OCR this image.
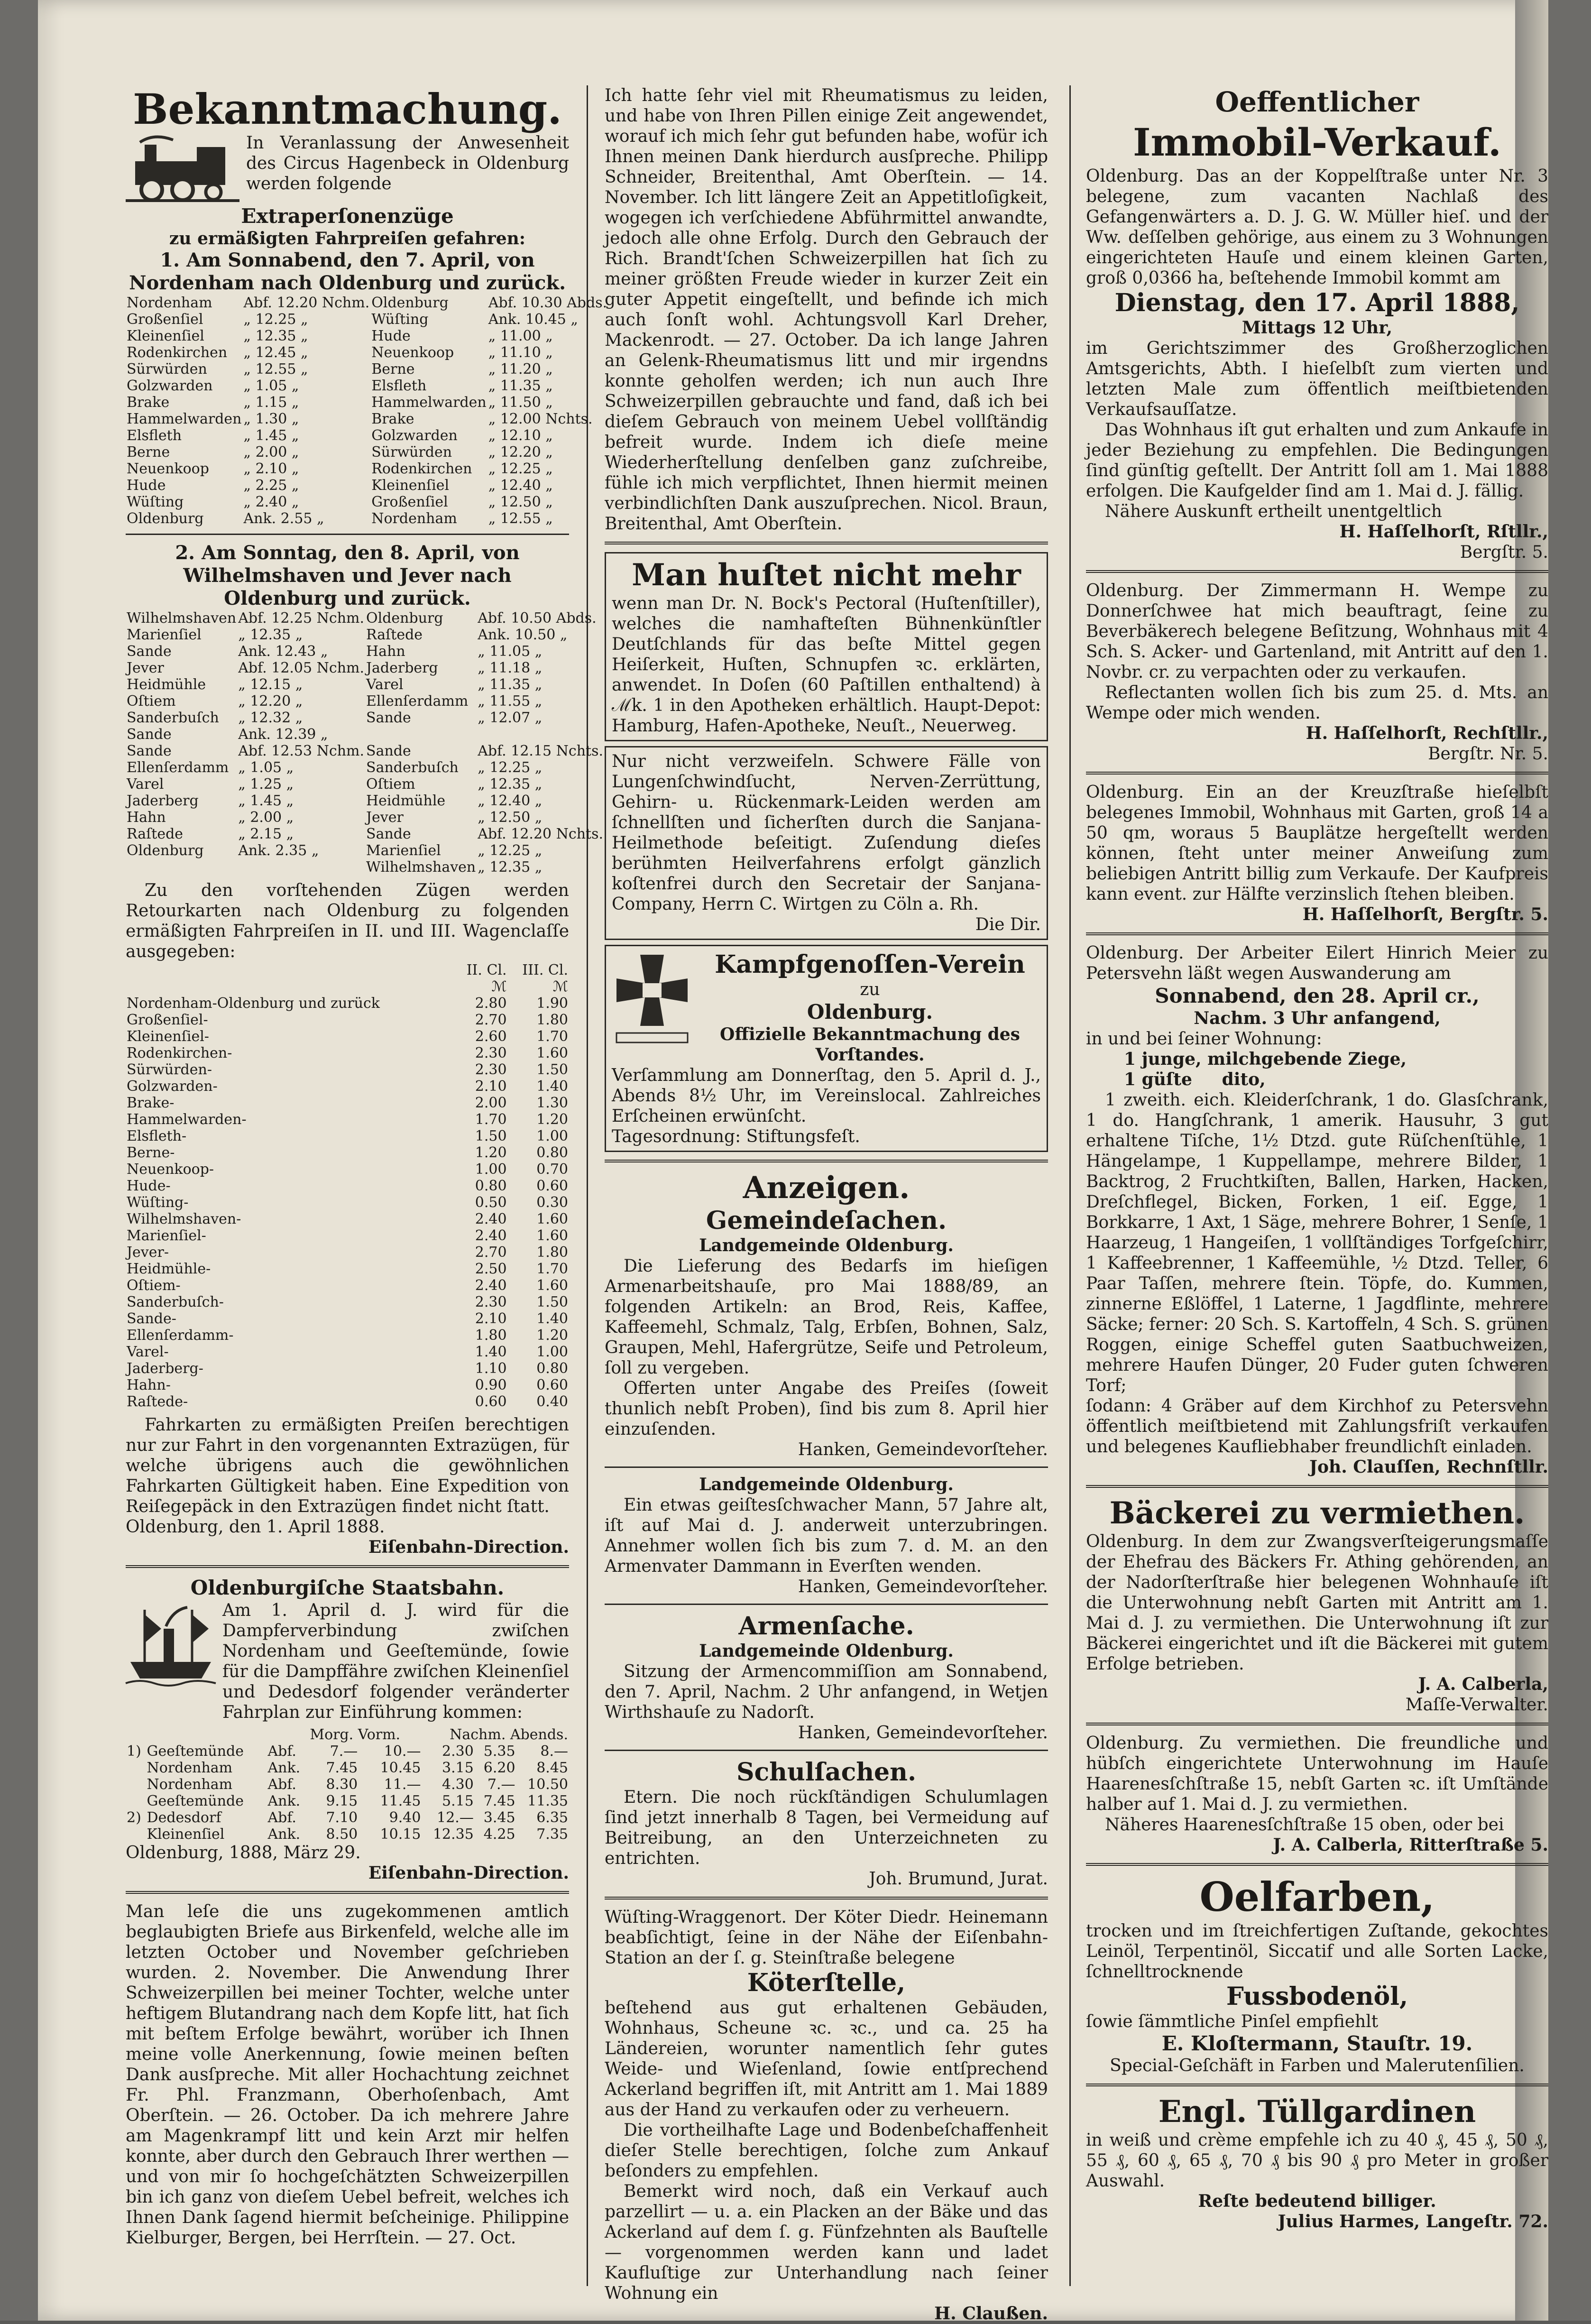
Bekanntmachung.

In Veranlassung der Anwesenheit des Circus Hagenbeck in Oldenburg werden folgende

Extraperſonenzüge

zu ermäßigten Fahrpreiſen gefahren:

1. Am Sonnabend, den 7. April, von Nordenham nach Oldenburg und zurück.

Nordenham	Abf. 12.20 Nchm.	Oldenburg	Abf. 10.30 Abds.
Großenſiel	„ 12.25 „	Wüſting	Ank. 10.45 „
Kleinenſiel	„ 12.35 „	Hude	„ 11.00 „
Rodenkirchen	„ 12.45 „	Neuenkoop	„ 11.10 „
Sürwürden	„ 12.55 „	Berne	„ 11.20 „
Golzwarden	„ 1.05 „	Elsfleth	„ 11.35 „
Brake	„ 1.15 „	Hammelwarden	„ 11.50 „
Hammelwarden	„ 1.30 „	Brake	„ 12.00 Nchts.
Elsfleth	„ 1.45 „	Golzwarden	„ 12.10 „
Berne	„ 2.00 „	Sürwürden	„ 12.20 „
Neuenkoop	„ 2.10 „	Rodenkirchen	„ 12.25 „
Hude	„ 2.25 „	Kleinenſiel	„ 12.40 „
Wüſting	„ 2.40 „	Großenſiel	„ 12.50 „
Oldenburg	Ank. 2.55 „	Nordenham	„ 12.55 „

2. Am Sonntag, den 8. April, von Wilhelmshaven und Jever nach Oldenburg und zurück.

Wilhelmshaven	Abf. 12.25 Nchm.	Oldenburg	Abf. 10.50 Abds.
Marienſiel	„ 12.35 „	Raſtede	Ank. 10.50 „
Sande	Ank. 12.43 „	Hahn	„ 11.05 „

Jever	Abf. 12.05 Nchm.	Jaderberg	„ 11.18 „
Heidmühle	„ 12.15 „	Varel	„ 11.35 „
Oſtiem	„ 12.20 „	Ellenſerdamm	„ 11.55 „
Sanderbuſch	„ 12.32 „	Sande	„ 12.07 „
Sande	Ank. 12.39 „		
Sande	Abf. 12.53 Nchm.	Sande	Abf. 12.15 Nchts.
Ellenſerdamm	„ 1.05 „	Sanderbuſch	„ 12.25 „
Varel	„ 1.25 „	Oſtiem	„ 12.35 „
Jaderberg	„ 1.45 „	Heidmühle	„ 12.40 „
Hahn	„ 2.00 „	Jever	„ 12.50 „
Raſtede	„ 2.15 „	Sande	Abf. 12.20 Nchts.
Oldenburg	Ank. 2.35 „	Marienſiel	„ 12.25 „
		Wilhelmshaven	„ 12.35 „

Zu den vorſtehenden Zügen werden Retourkarten nach Oldenburg zu folgenden ermäßigten Fahrpreiſen in II. und III. Wagenclaſſe ausgegeben:

	II. Cl.	III. Cl.
	ℳ	ℳ
Nordenham-Oldenburg und zurück	2.80	1.90
Großenſiel-	2.70	1.80
Kleinenſiel-	2.60	1.70
Rodenkirchen-	2.30	1.60
Sürwürden-	2.30	1.50
Golzwarden-	2.10	1.40
Brake-	2.00	1.30
Hammelwarden-	1.70	1.20
Elsfleth-	1.50	1.00
Berne-	1.20	0.80
Neuenkoop-	1.00	0.70
Hude-	0.80	0.60
Wüſting-	0.50	0.30

Wilhelmshaven-	2.40	1.60
Marienſiel-	2.40	1.60
Jever-	2.70	1.80
Heidmühle-	2.50	1.70
Oſtiem-	2.40	1.60
Sanderbuſch-	2.30	1.50
Sande-	2.10	1.40
Ellenſerdamm-	1.80	1.20
Varel-	1.40	1.00
Jaderberg-	1.10	0.80
Hahn-	0.90	0.60
Raſtede-	0.60	0.40

Fahrkarten zu ermäßigten Preiſen berechtigen nur zur Fahrt in den vorgenannten Extrazügen, für welche übrigens auch die gewöhnlichen Fahrkarten Gültigkeit haben. Eine Expedition von Reiſegepäck in den Extrazügen findet nicht ſtatt.

Oldenburg, den 1. April 1888.

Eiſenbahn-Direction.

Oldenburgiſche Staatsbahn.

Am 1. April d. J. wird für die Dampferverbindung zwiſchen Nordenham und Geeſtemünde, ſowie für die Dampffähre zwiſchen Kleinenſiel und Dedesdorf folgender veränderter Fahrplan zur Einführung kommen:

			Morg. Vorm.		Nachm. Abends.		
1)	Geeſtemünde	Abf.	7.—	10.—	2.30	5.35	8.—
	Nordenham	Ank.	7.45	10.45	3.15	6.20	8.45
	Nordenham	Abf.	8.30	11.—	4.30	7.—	10.50
	Geeſtemünde	Ank.	9.15	11.45	5.15	7.45	11.35
2)	Dedesdorf	Abf.	7.10	9.40	12.—	3.45	6.35
	Kleinenſiel	Ank.	8.50	10.15	12.35	4.25	7.35

Oldenburg, 1888, März 29.

Eiſenbahn-Direction.

Man leſe die uns zugekommenen amtlich beglaubigten Briefe aus Birkenfeld, welche alle im letzten October und November geſchrieben wurden. 2. November. Die Anwendung Ihrer Schweizerpillen bei meiner Tochter, welche unter heftigem Blutandrang nach dem Kopfe litt, hat ſich mit beſtem Erfolge bewährt, worüber ich Ihnen meine volle Anerkennung, ſowie meinen beſten Dank ausſpreche. Mit aller Hochachtung zeichnet Fr. Phl. Franzmann, Oberhoſenbach, Amt Oberſtein. — 26. October. Da ich mehrere Jahre am Magenkrampf litt und kein Arzt mir helfen konnte, aber durch den Gebrauch Ihrer werthen — und von mir ſo hochgeſchätzten Schweizerpillen bin ich ganz von dieſem Uebel befreit, welches ich Ihnen Dank ſagend hiermit beſcheinige. Philippine Kielburger, Bergen, bei Herrſtein. — 27. Oct.

Ich hatte ſehr viel mit Rheumatismus zu leiden, und habe von Ihren Pillen einige Zeit angewendet, worauf ich mich ſehr gut befunden habe, wofür ich Ihnen meinen Dank hierdurch ausſpreche. Philipp Schneider, Breitenthal, Amt Oberſtein. — 14. November. Ich litt längere Zeit an Appetitloſigkeit, wogegen ich verſchiedene Abführmittel anwandte, jedoch alle ohne Erfolg. Durch den Gebrauch der Rich. Brandt'ſchen Schweizerpillen hat ſich zu meiner größten Freude wieder in kurzer Zeit ein guter Appetit eingeſtellt, und befinde ich mich auch ſonſt wohl. Achtungsvoll Karl Dreher, Mackenrodt. — 27. October. Da ich lange Jahren an Gelenk-Rheumatismus litt und mir irgendns konnte geholfen werden; ich nun auch Ihre Schweizerpillen gebrauchte und fand, daß ich bei dieſem Gebrauch von meinem Uebel vollſtändig befreit wurde. Indem ich dieſe meine Wiederherſtellung denſelben ganz zuſchreibe, fühle ich mich verpflichtet, Ihnen hiermit meinen verbindlichſten Dank auszuſprechen. Nicol. Braun, Breitenthal, Amt Oberſtein.

Man huſtet nicht mehr

wenn man Dr. N. Bock's Pectoral (Huſtenſtiller), welches die namhafteſten Bühnenkünſtler Deutſchlands für das beſte Mittel gegen Heiſerkeit, Huſten, Schnupfen ꝛc. erklärten, anwendet. In Doſen (60 Paſtillen enthaltend) à ℳk. 1 in den Apotheken erhältlich. Haupt-Depot: Hamburg, Hafen-Apotheke, Neuſt., Neuerweg.

Nur nicht verzweifeln. Schwere Fälle von Lungenſchwindſucht, Nerven-Zerrüttung, Gehirn- u. Rückenmark-Leiden werden am ſchnellſten und ſicherſten durch die Sanjana-Heilmethode beſeitigt. Zuſendung dieſes berühmten Heilverfahrens erfolgt gänzlich koſtenfrei durch den Secretair der Sanjana-Company, Herrn C. Wirtgen zu Cöln a. Rh.

Die Dir.

Kampfgenoſſen-Verein

zu

Oldenburg.

Offizielle Bekanntmachung des Vorſtandes.

Verſammlung am Donnerſtag, den 5. April d. J., Abends 8½ Uhr, im Vereinslocal. Zahlreiches Erſcheinen erwünſcht.

Tagesordnung: Stiftungsfeſt.

Anzeigen.
Gemeindeſachen.

Landgemeinde Oldenburg.

Die Lieferung des Bedarfs im hieſigen Armenarbeitshauſe, pro Mai 1888/89, an folgenden Artikeln: an Brod, Reis, Kaffee, Kaffeemehl, Schmalz, Talg, Erbſen, Bohnen, Salz, Graupen, Mehl, Hafergrütze, Seife und Petroleum, ſoll zu vergeben.

Offerten unter Angabe des Preiſes (ſoweit thunlich nebſt Proben), ſind bis zum 8. April hier einzuſenden.

Hanken, Gemeindevorſteher.

Landgemeinde Oldenburg.

Ein etwas geiſtesſchwacher Mann, 57 Jahre alt, iſt auf Mai d. J. anderweit unterzubringen. Annehmer wollen ſich bis zum 7. d. M. an den Armenvater Dammann in Everſten wenden.

Hanken, Gemeindevorſteher.

Armenſache.

Landgemeinde Oldenburg.

Sitzung der Armencommiſſion am Sonnabend, den 7. April, Nachm. 2 Uhr anfangend, in Wetjen Wirthshauſe zu Nadorſt.

Hanken, Gemeindevorſteher.

Schulſachen.

Etern. Die noch rückſtändigen Schulumlagen ſind jetzt innerhalb 8 Tagen, bei Vermeidung auf Beitreibung, an den Unterzeichneten zu entrichten.

Joh. Brumund, Jurat.

Wüſting-Wraggenort. Der Köter Diedr. Heinemann beabſichtigt, ſeine in der Nähe der Eiſenbahn-Station an der ſ. g. Steinſtraße belegene

Köterſtelle,

beſtehend aus gut erhaltenen Gebäuden, Wohnhaus, Scheune ꝛc. ꝛc., und ca. 25 ha Ländereien, worunter namentlich ſehr gutes Weide- und Wieſenland, ſowie entſprechend Ackerland begriffen iſt, mit Antritt am 1. Mai 1889 aus der Hand zu verkaufen oder zu verheuern.

Die vortheilhafte Lage und Bodenbeſchaffenheit dieſer Stelle berechtigen, ſolche zum Ankauf beſonders zu empfehlen.

Bemerkt wird noch, daß ein Verkauf auch parzellirt — u. a. ein Placken an der Bäke und das Ackerland auf dem ſ. g. Fünfzehnten als Bauſtelle — vorgenommen werden kann und ladet Kaufluſtige zur Unterhandlung nach ſeiner Wohnung ein

H. Claußen.

Oeffentlicher
Immobil-Verkauf.

Oldenburg. Das an der Koppelſtraße unter Nr. 3 belegene, zum vacanten Nachlaß des Gefangenwärters a. D. J. G. W. Müller hieſ. und der Ww. deſſelben gehörige, aus einem zu 3 Wohnungen eingerichteten Hauſe und einem kleinen Garten, groß 0,0366 ha, beſtehende Immobil kommt am

Dienstag, den 17. April 1888,

Mittags 12 Uhr,

im Gerichtszimmer des Großherzoglichen Amtsgerichts, Abth. I hieſelbſt zum vierten und letzten Male zum öffentlich meiſtbietenden Verkaufsauſſatze.

Das Wohnhaus iſt gut erhalten und zum Ankaufe in jeder Beziehung zu empfehlen. Die Bedingungen ſind günſtig geſtellt. Der Antritt ſoll am 1. Mai 1888 erfolgen. Die Kaufgelder ſind am 1. Mai d. J. fällig.

Nähere Auskunft ertheilt unentgeltlich

H. Haſſelhorſt, Rſtllr.,

Bergſtr. 5.

Oldenburg. Der Zimmermann H. Wempe zu Donnerſchwee hat mich beauftragt, ſeine zu Beverbäkerech belegene Beſitzung, Wohnhaus mit 4 Sch. S. Acker- und Gartenland, mit Antritt auf den 1. Novbr. cr. zu verpachten oder zu verkaufen.

Reflectanten wollen ſich bis zum 25. d. Mts. an Wempe oder mich wenden.

H. Haſſelhorſt, Rechſtllr.,

Bergſtr. Nr. 5.

Oldenburg. Ein an der Kreuzſtraße hieſelbſt belegenes Immobil, Wohnhaus mit Garten, groß 14 a 50 qm, woraus 5 Bauplätze hergeſtellt werden können, ſteht unter meiner Anweiſung zum beliebigen Antritt billig zum Verkaufe. Der Kaufpreis kann event. zur Hälfte verzinslich ſtehen bleiben.

H. Haſſelhorſt, Bergſtr. 5.

Oldenburg. Der Arbeiter Eilert Hinrich Meier zu Petersvehn läßt wegen Auswanderung am

Sonnabend, den 28. April cr.,

Nachm. 3 Uhr anfangend,

in und bei ſeiner Wohnung:

1 junge, milchgebende Ziege,

1 güſte     dito,

1 zweith. eich. Kleiderſchrank, 1 do. Glasſchrank, 1 do. Hangſchrank, 1 amerik. Hausuhr, 3 gut erhaltene Tiſche, 1½ Dtzd. gute Rüſchenſtühle, 1 Hängelampe, 1 Kuppellampe, mehrere Bilder, 1 Backtrog, 2 Fruchtkiſten, Ballen, Harken, Hacken, Dreſchflegel, Bicken, Forken, 1 eiſ. Egge, 1 Borkkarre, 1 Axt, 1 Säge, mehrere Bohrer, 1 Senſe, 1 Haarzeug, 1 Hangeiſen, 1 vollſtändiges Torfgeſchirr, 1 Kaffeebrenner, 1 Kaffeemühle, ½ Dtzd. Teller, 6 Paar Taſſen, mehrere ſtein. Töpfe, do. Kummen, zinnerne Eßlöffel, 1 Laterne, 1 Jagdflinte, mehrere Säcke; ferner: 20 Sch. S. Kartoffeln, 4 Sch. S. grünen Roggen, einige Scheffel guten Saatbuchweizen, mehrere Haufen Dünger, 20 Fuder guten ſchweren Torf;

ſodann: 4 Gräber auf dem Kirchhof zu Petersvehn öffentlich meiſtbietend mit Zahlungsfriſt verkaufen und belegenes Kaufliebhaber freundlichſt einladen.

Joh. Clauſſen, Rechnſtllr.

Bäckerei zu vermiethen.

Oldenburg. In dem zur Zwangsverſteigerungsmaſſe der Ehefrau des Bäckers Fr. Athing gehörenden, an der Nadorſterſtraße hier belegenen Wohnhauſe iſt die Unterwohnung nebſt Garten mit Antritt am 1. Mai d. J. zu vermiethen. Die Unterwohnung iſt zur Bäckerei eingerichtet und iſt die Bäckerei mit gutem Erfolge betrieben.

J. A. Calberla,

Maſſe-Verwalter.

Oldenburg. Zu vermiethen. Die freundliche und hübſch eingerichtete Unterwohnung im Hauſe Haarenesſchſtraße 15, nebſt Garten ꝛc. iſt Umſtände halber auf 1. Mai d. J. zu vermiethen.

Näheres Haarenesſchſtraße 15 oben, oder bei

J. A. Calberla, Ritterſtraße 5.

Oelfarben,

trocken und im ſtreichfertigen Zuſtande, gekochtes Leinöl, Terpentinöl, Siccatif und alle Sorten Lacke, ſchnelltrocknende

Fussbodenöl,

ſowie ſämmtliche Pinſel empfiehlt

E. Kloſtermann, Stauſtr. 19.

Special-Geſchäft in Farben und Malerutenſilien.

Engl. Tüllgardinen

in weiß und crème empfehle ich zu 40 ₰, 45 ₰, 50 ₰, 55 ₰, 60 ₰, 65 ₰, 70 ₰ bis 90 ₰ pro Meter in großer Auswahl.

Reſte bedeutend billiger.

Julius Harmes, Langeſtr. 72.
